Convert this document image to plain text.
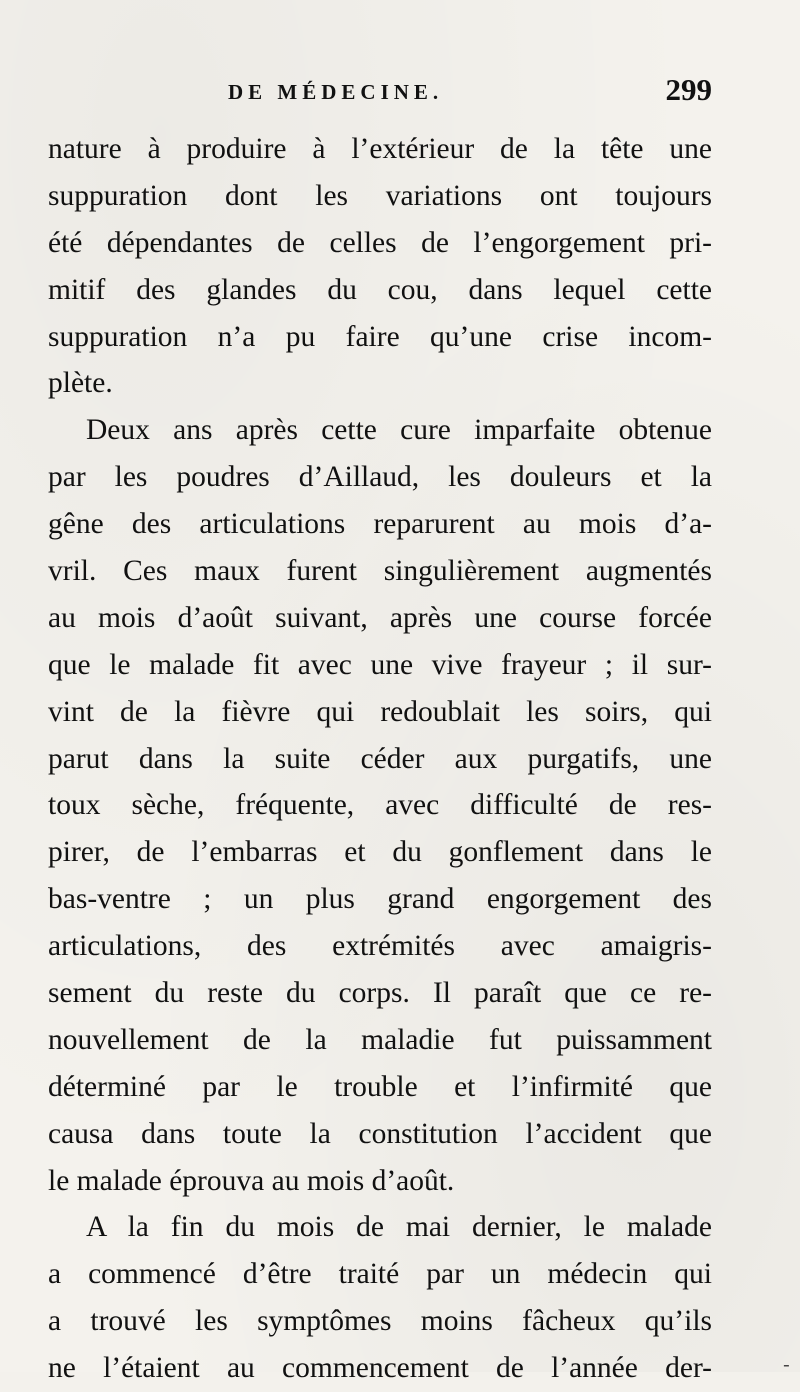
DE MÉDECINE.	299

nature à produire à l’extérieur de la tête une
suppuration dont les variations ont toujours
été dépendantes de celles de l’engorgement pri-
mitif des glandes du cou, dans lequel cette
suppuration n’a pu faire qu’une crise incom-
plète.

Deux ans après cette cure imparfaite obtenue
par les poudres d’Aillaud, les douleurs et la
gêne des articulations reparurent au mois d’a-
vril. Ces maux furent singulièrement augmentés
au mois d’août suivant, après une course forcée
que le malade fit avec une vive frayeur ; il sur-
vint de la fièvre qui redoublait les soirs, qui
parut dans la suite céder aux purgatifs, une
toux sèche, fréquente, avec difficulté de res-
pirer, de l’embarras et du gonflement dans le
bas-ventre ; un plus grand engorgement des
articulations, des extrémités avec amaigris-
sement du reste du corps. Il paraît que ce re-
nouvellement de la maladie fut puissamment
déterminé par le trouble et l’infirmité que
causa dans toute la constitution l’accident que
le malade éprouva au mois d’août.

A la fin du mois de mai dernier, le malade
a commencé d’être traité par un médecin qui
a trouvé les symptômes moins fâcheux qu’ils
ne l’étaient au commencement de l’année der-	-
